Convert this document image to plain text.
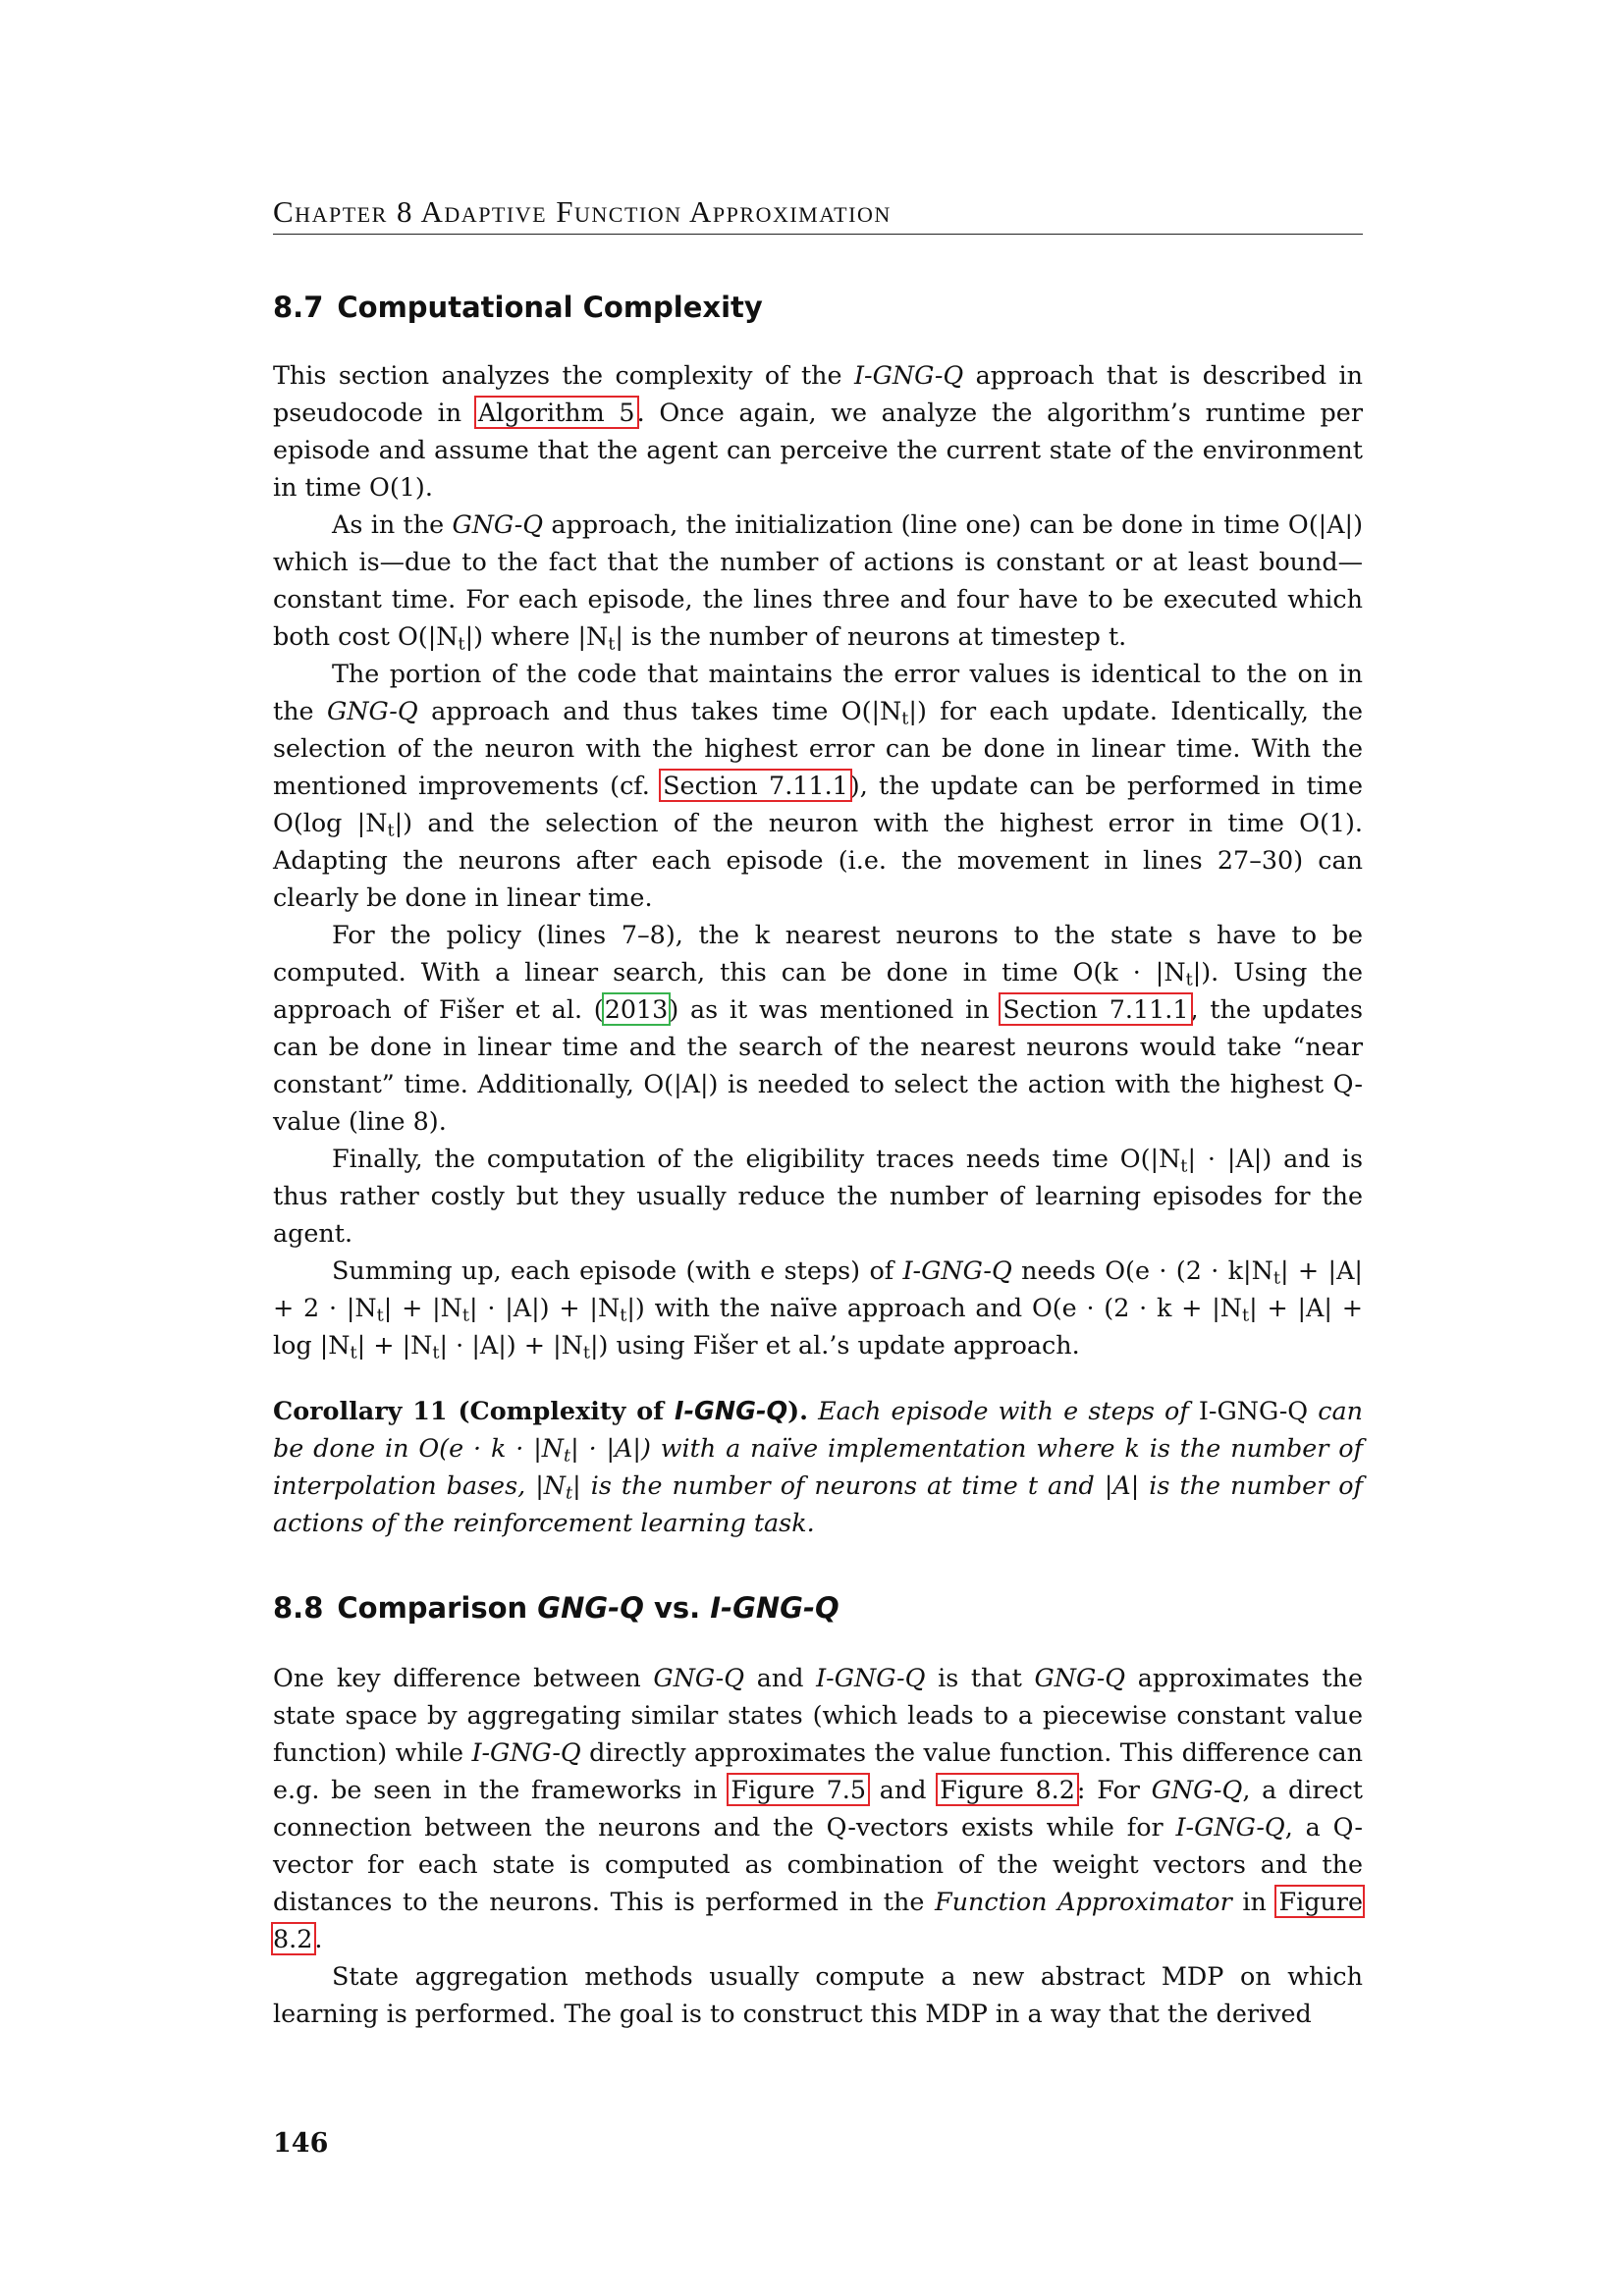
Chapter 8 Adaptive Function Approximation
8.7 Computational Complexity

This section analyzes the complexity of the I-GNG-Q approach that is described in pseudocode in Algorithm 5. Once again, we analyze the algorithm’s runtime per episode and assume that the agent can perceive the current state of the environment in time O(1).

As in the GNG-Q approach, the initialization (line one) can be done in time O(|A|) which is—due to the fact that the number of actions is constant or at least bound—constant time. For each episode, the lines three and four have to be executed which both cost $O(|N_t|)$ where $|N_t|$ is the number of neurons at timestep t.

The portion of the code that maintains the error values is identical to the on in the GNG-Q approach and thus takes time $O(|N_t|)$ for each update. Identically, the selection of the neuron with the highest error can be done in linear time. With the mentioned improvements (cf. Section 7.11.1), the update can be performed in time O(log $|N_t|$) and the selection of the neuron with the highest error in time O(1). Adapting the neurons after each episode (i.e. the movement in lines 27–30) can clearly be done in linear time.

For the policy (lines 7–8), the k nearest neurons to the state s have to be computed. With a linear search, this can be done in time $O(k \cdot |N_t|)$. Using the approach of Fišer et al. (2013) as it was mentioned in Section 7.11.1, the updates can be done in linear time and the search of the nearest neurons would take “near constant” time. Additionally, O(|A|) is needed to select the action with the highest Q-value (line 8).

Finally, the computation of the eligibility traces needs time $O(|N_t| \cdot |A|)$ and is thus rather costly but they usually reduce the number of learning episodes for the agent.

Summing up, each episode (with e steps) of I-GNG-Q needs $O(e \cdot (2 \cdot k|N_t| + |A| + 2 \cdot |N_t| + |N_t| \cdot |A|) + |N_t|)$ with the naïve approach and $O(e \cdot (2 \cdot k + |N_t| + |A| + \log |N_t| + |N_t| \cdot |A|) + |N_t|)$ using Fišer et al.’s update approach.

Corollary 11 (Complexity of I-GNG-Q). Each episode with e steps of I-GNG-Q can be done in $O(e \cdot k \cdot |N_t| \cdot |A|)$ with a naïve implementation where k is the number of interpolation bases, $|N_t|$ is the number of neurons at time t and |A| is the number of actions of the reinforcement learning task.

8.8 Comparison GNG-Q vs. I-GNG-Q

One key difference between GNG-Q and I-GNG-Q is that GNG-Q approximates the state space by aggregating similar states (which leads to a piecewise constant value function) while I-GNG-Q directly approximates the value function. This difference can e.g. be seen in the frameworks in Figure 7.5 and Figure 8.2: For GNG-Q, a direct connection between the neurons and the Q-vectors exists while for I-GNG-Q, a Q-vector for each state is computed as combination of the weight vectors and the distances to the neurons. This is performed in the Function Approximator in Figure 8.2.

State aggregation methods usually compute a new abstract MDP on which learning is performed. The goal is to construct this MDP in a way that the derived

146
